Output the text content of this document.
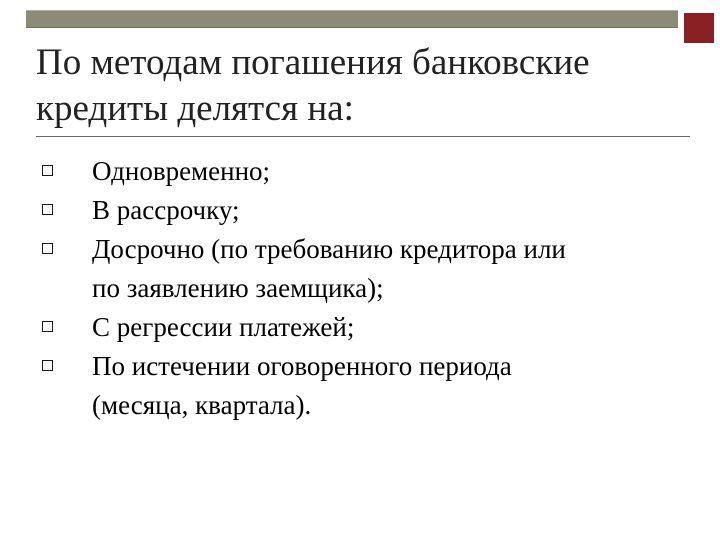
По методам погашения банковские
кредиты делятся на:
Одновременно;
В рассрочку;
Досрочно (по требованию кредитора или
по заявлению заемщика);
С регрессии платежей;
По истечении оговоренного периода
(месяца, квартала).
